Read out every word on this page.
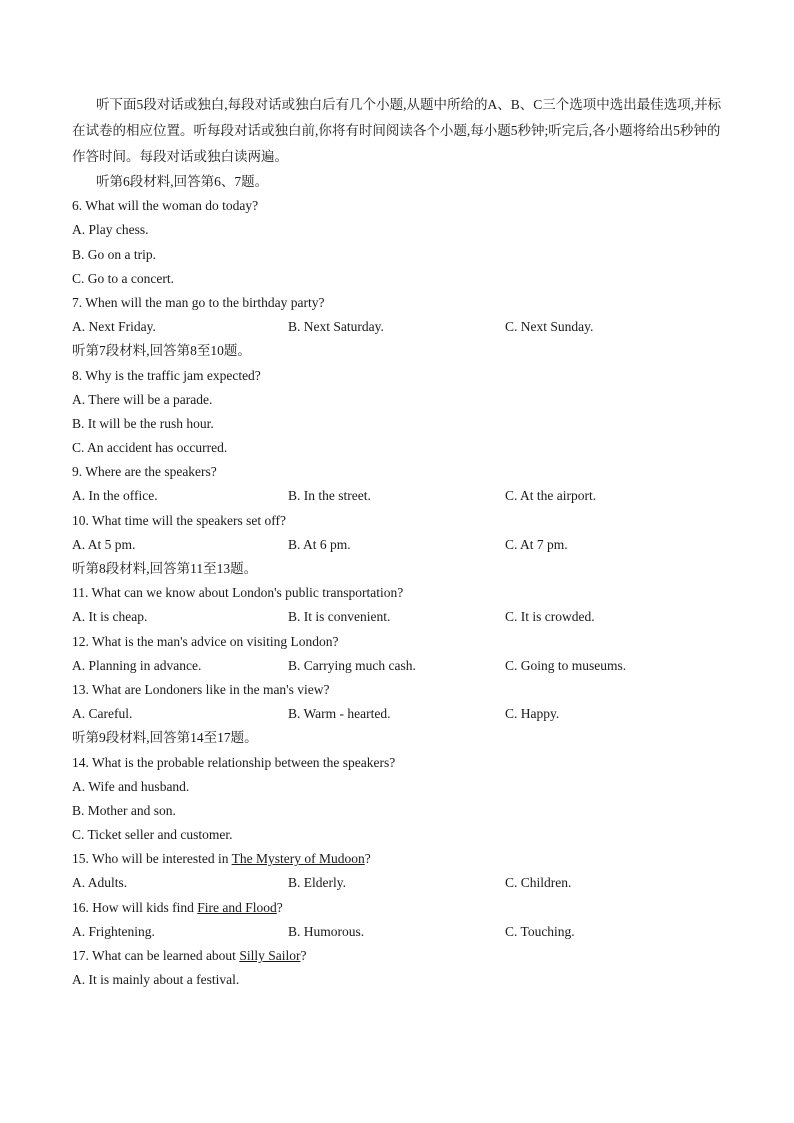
听下面5段对话或独白,每段对话或独白后有几个小题,从题中所给的A、B、C三个选项中选出最佳选项,并标在试卷的相应位置。听每段对话或独白前,你将有时间阅读各个小题,每小题5秒钟;听完后,各小题将给出5秒钟的作答时间。每段对话或独白读两遍。

听第6段材料,回答第6、7题。

6. What will the woman do today?

A. Play chess.

B. Go on a trip.

C. Go to a concert.

7. When will the man go to the birthday party?

A. Next Friday.	B. Next Saturday.	C. Next Sunday.

听第7段材料,回答第8至10题。

8. Why is the traffic jam expected?

A. There will be a parade.

B. It will be the rush hour.

C. An accident has occurred.

9. Where are the speakers?

A. In the office.	B. In the street.	C. At the airport.

10. What time will the speakers set off?

A. At 5 pm.	B. At 6 pm.	C. At 7 pm.

听第8段材料,回答第11至13题。

11. What can we know about London's public transportation?

A. It is cheap.	B. It is convenient.	C. It is crowded.

12. What is the man's advice on visiting London?

A. Planning in advance.	B. Carrying much cash.	C. Going to museums.

13. What are Londoners like in the man's view?

A. Careful.	B. Warm - hearted.	C. Happy.

听第9段材料,回答第14至17题。

14. What is the probable relationship between the speakers?

A. Wife and husband.

B. Mother and son.

C. Ticket seller and customer.

15. Who will be interested in The Mystery of Mudoon?

A. Adults.	B. Elderly.	C. Children.

16. How will kids find Fire and Flood?

A. Frightening.	B. Humorous.	C. Touching.

17. What can be learned about Silly Sailor?

A. It is mainly about a festival.
